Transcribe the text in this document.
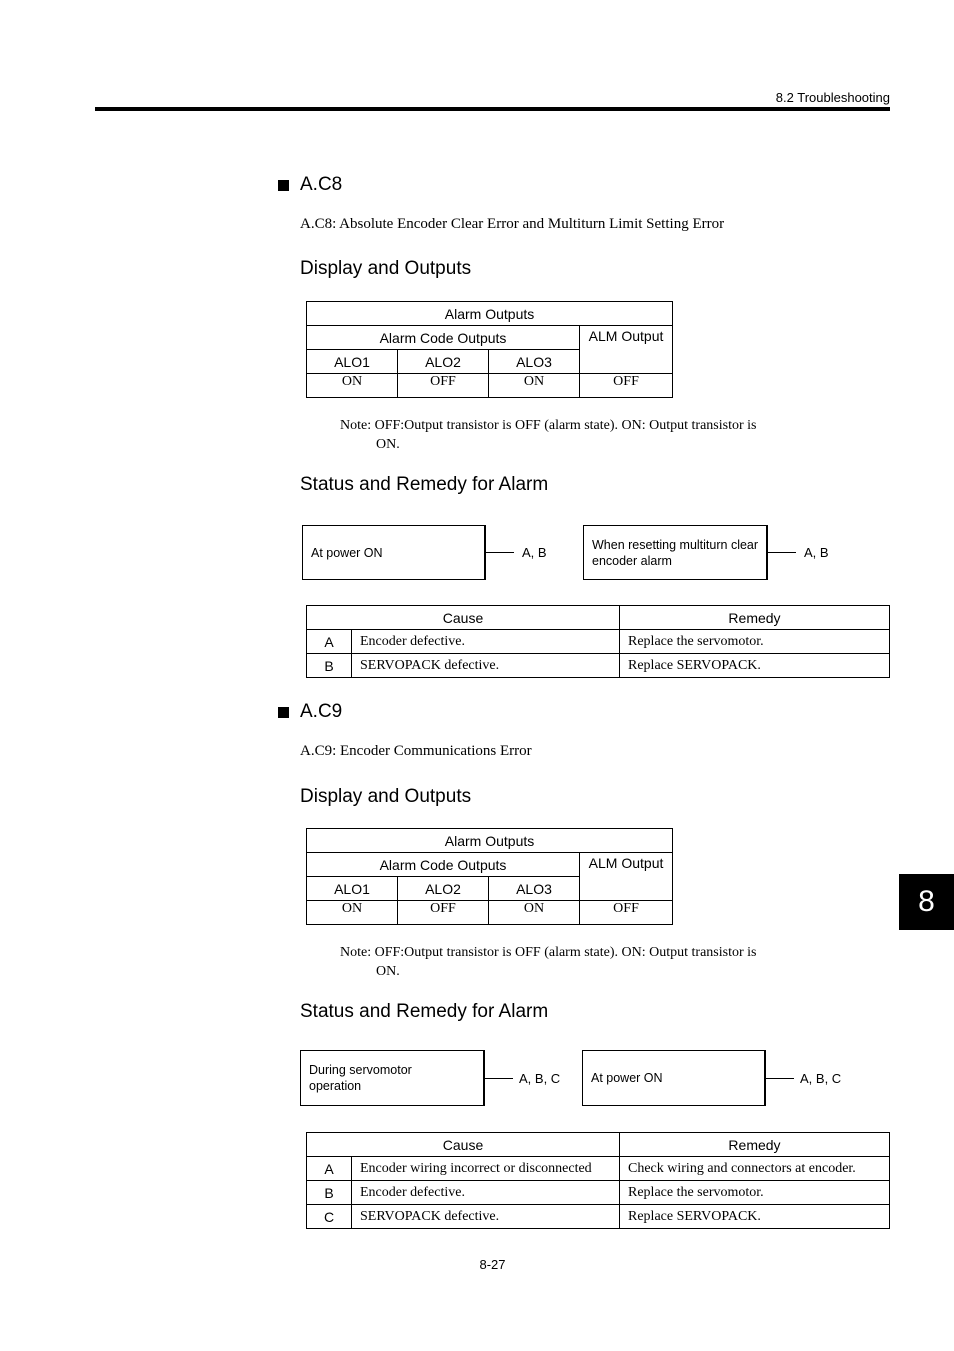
8.2 Troubleshooting
A.C8
A.C8: Absolute Encoder Clear Error and Multiturn Limit Setting Error
Display and Outputs
Alarm Outputs			
Alarm Code Outputs			ALM Output
ALO1	ALO2	ALO3	
ON	OFF	ON	OFF
Note: OFF:Output transistor is OFF (alarm state). ON: Output transistor is
ON.
Status and Remedy for Alarm
At power ON	A, B
When resetting multiturn clear encoder alarm
A, B
Cause		Remedy
A	Encoder defective.	Replace the servomotor.
B	SERVOPACK defective.	Replace SERVOPACK.
A.C9
A.C9: Encoder Communications Error
Display and Outputs
Alarm Outputs			
Alarm Code Outputs			ALM Output
ALO1	ALO2	ALO3	
ON	OFF	ON	OFF
Note: OFF:Output transistor is OFF (alarm state). ON: Output transistor is
ON.
Status and Remedy for Alarm
During servomotor operation	A, B, C At power ON	A, B, C
Cause		Remedy
A	Encoder wiring incorrect or disconnected	Check wiring and connectors at encoder.
B	Encoder defective.	Replace the servomotor.
C	SERVOPACK defective.	Replace SERVOPACK.
8
8-27
